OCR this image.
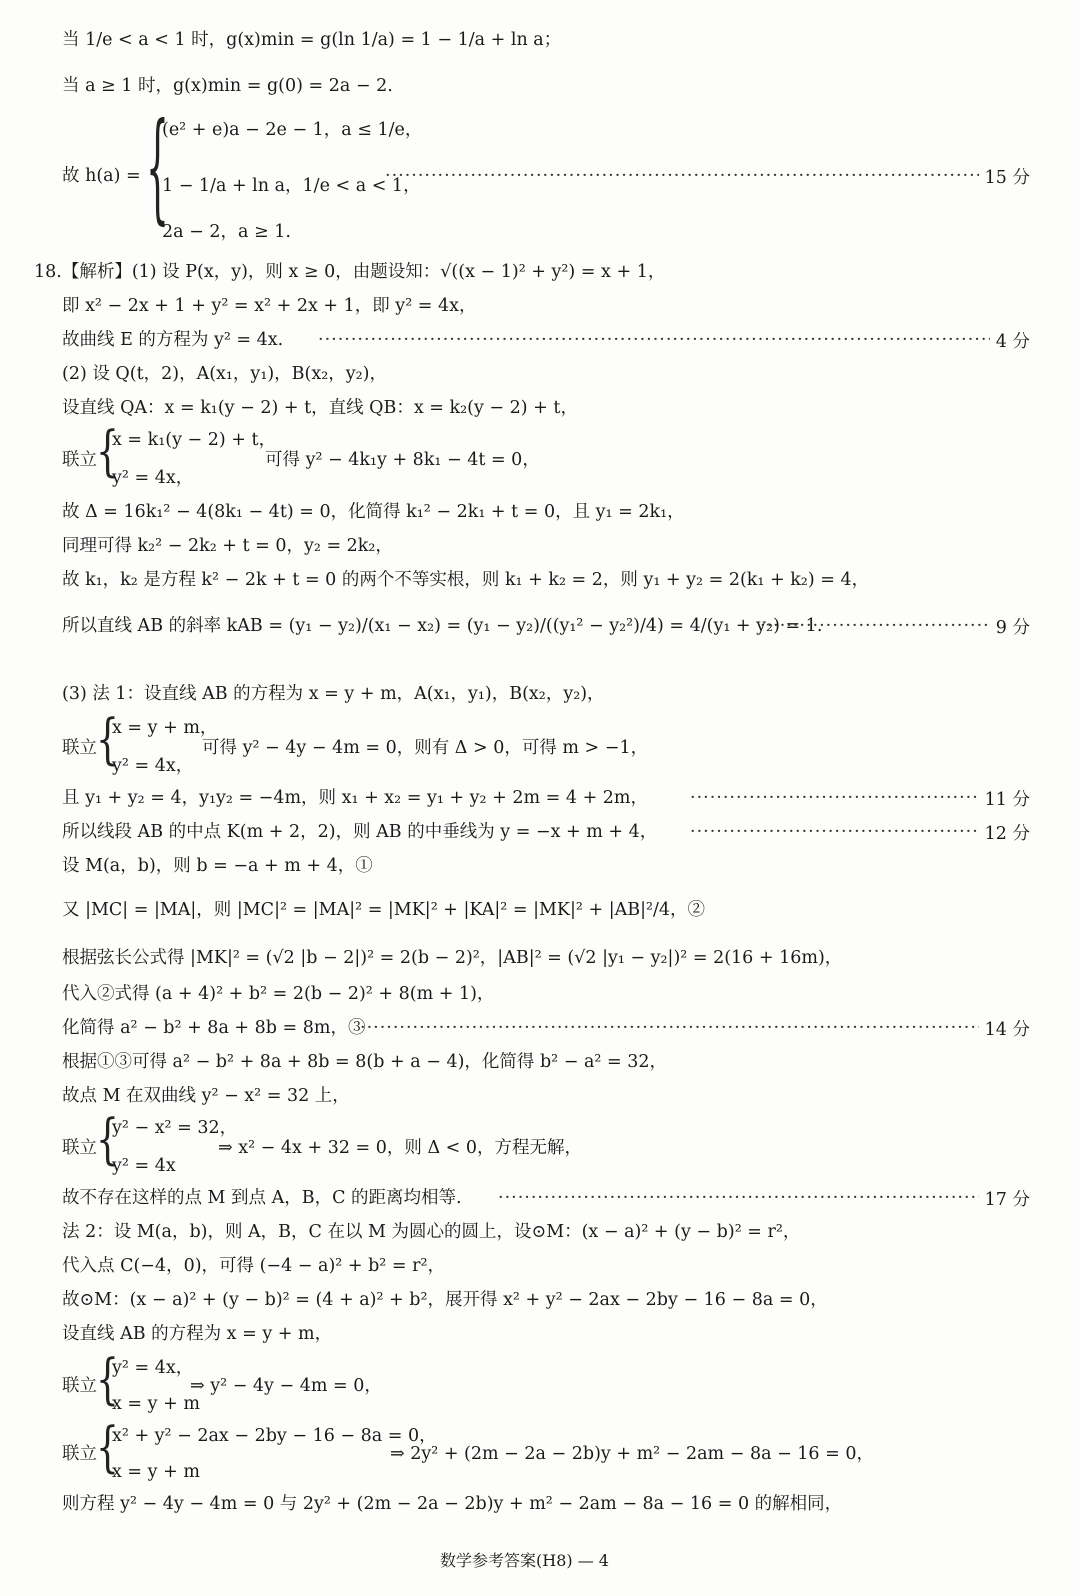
当 1/e < a < 1 时，g(x)min = g(ln 1/a) = 1 − 1/a + ln a；
当 a ≥ 1 时，g(x)min = g(0) = 2a − 2.
{
(e² + e)a − 2e − 1，a ≤ 1/e，
故 h(a) = 1 − 1/a + ln a，1/e < a < 1， ·····	15 分
2a − 2，a ≥ 1.
18.【解析】(1) 设 P(x，y)，则 x ≥ 0，由题设知：√((x − 1)² + y²) = x + 1，
即 x² − 2x + 1 + y² = x² + 2x + 1，即 y² = 4x，
故曲线 E 的方程为 y² = 4x. ·····	4 分
(2) 设 Q(t，2)，A(x₁，y₁)，B(x₂，y₂)，
设直线 QA：x = k₁(y − 2) + t，直线 QB：x = k₂(y − 2) + t，
{
x = k₁(y − 2) + t，
联立	可得 y² − 4k₁y + 8k₁ − 4t = 0，
y² = 4x，
故 Δ = 16k₁² − 4(8k₁ − 4t) = 0，化简得 k₁² − 2k₁ + t = 0，且 y₁ = 2k₁，
同理可得 k₂² − 2k₂ + t = 0，y₂ = 2k₂，
故 k₁，k₂ 是方程 k² − 2k + t = 0 的两个不等实根，则 k₁ + k₂ = 2，则 y₁ + y₂ = 2(k₁ + k₂) = 4，
所以直线 AB 的斜率 kAB = (y₁ − y₂)/(x₁ − x₂) = (y₁ − y₂)/((y₁² − y₂²)/4) = 4/(y₁ + y₂) = 1. ·····	9 分
(3) 法 1：设直线 AB 的方程为 x = y + m，A(x₁，y₁)，B(x₂，y₂)，
{
x = y + m，
联立	可得 y² − 4y − 4m = 0，则有 Δ > 0，可得 m > −1，
y² = 4x，
且 y₁ + y₂ = 4，y₁y₂ = −4m，则 x₁ + x₂ = y₁ + y₂ + 2m = 4 + 2m， ·····	11 分
所以线段 AB 的中点 K(m + 2，2)，则 AB 的中垂线为 y = −x + m + 4， ·····	12 分
设 M(a，b)，则 b = −a + m + 4，①
又 |MC| = |MA|，则 |MC|² = |MA|² = |MK|² + |KA|² = |MK|² + |AB|²/4，②
根据弦长公式得 |MK|² = (√2 |b − 2|)² = 2(b − 2)²，|AB|² = (√2 |y₁ − y₂|)² = 2(16 + 16m)，
代入②式得 (a + 4)² + b² = 2(b − 2)² + 8(m + 1)，
化简得 a² − b² + 8a + 8b = 8m，③ ·····	14 分
根据①③可得 a² − b² + 8a + 8b = 8(b + a − 4)，化简得 b² − a² = 32，
故点 M 在双曲线 y² − x² = 32 上，
{
y² − x² = 32，
联立	⇒ x² − 4x + 32 = 0，则 Δ < 0，方程无解，
y² = 4x
故不存在这样的点 M 到点 A，B，C 的距离均相等. ·····	17 分
法 2：设 M(a，b)，则 A，B，C 在以 M 为圆心的圆上，设⊙M：(x − a)² + (y − b)² = r²，
代入点 C(−4，0)，可得 (−4 − a)² + b² = r²，
故⊙M：(x − a)² + (y − b)² = (4 + a)² + b²，展开得 x² + y² − 2ax − 2by − 16 − 8a = 0，
设直线 AB 的方程为 x = y + m，
{
y² = 4x，
联立	⇒ y² − 4y − 4m = 0，
x = y + m
{
x² + y² − 2ax − 2by − 16 − 8a = 0，
联立	⇒ 2y² + (2m − 2a − 2b)y + m² − 2am − 8a − 16 = 0，
x = y + m
则方程 y² − 4y − 4m = 0 与 2y² + (2m − 2a − 2b)y + m² − 2am − 8a − 16 = 0 的解相同，
数学参考答案(H8) — 4
